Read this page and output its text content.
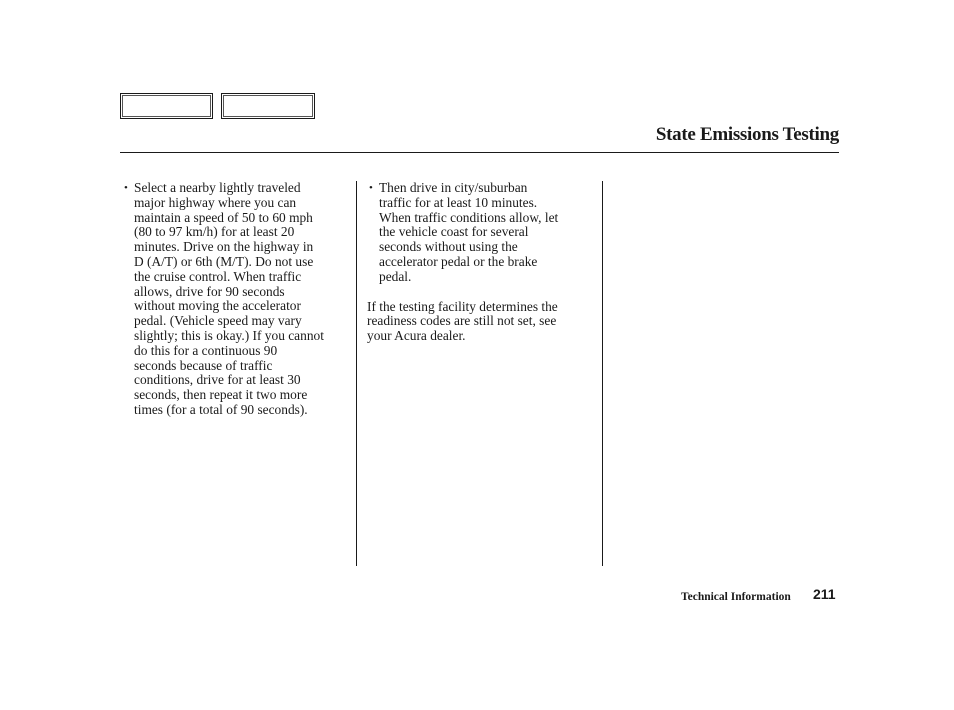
State Emissions Testing
• Select a nearby lightly traveled
major highway where you can
maintain a speed of 50 to 60 mph
(80 to 97 km/h) for at least 20
minutes. Drive on the highway in
D (A/T) or 6th (M/T). Do not use
the cruise control. When traffic
allows, drive for 90 seconds
without moving the accelerator
pedal. (Vehicle speed may vary
slightly; this is okay.) If you cannot
do this for a continuous 90
seconds because of traffic
conditions, drive for at least 30
seconds, then repeat it two more
times (for a total of 90 seconds).
• Then drive in city/suburban
traffic for at least 10 minutes.
When traffic conditions allow, let
the vehicle coast for several
seconds without using the
accelerator pedal or the brake
pedal.
If the testing facility determines the
readiness codes are still not set, see
your Acura dealer.
Technical Information 211
